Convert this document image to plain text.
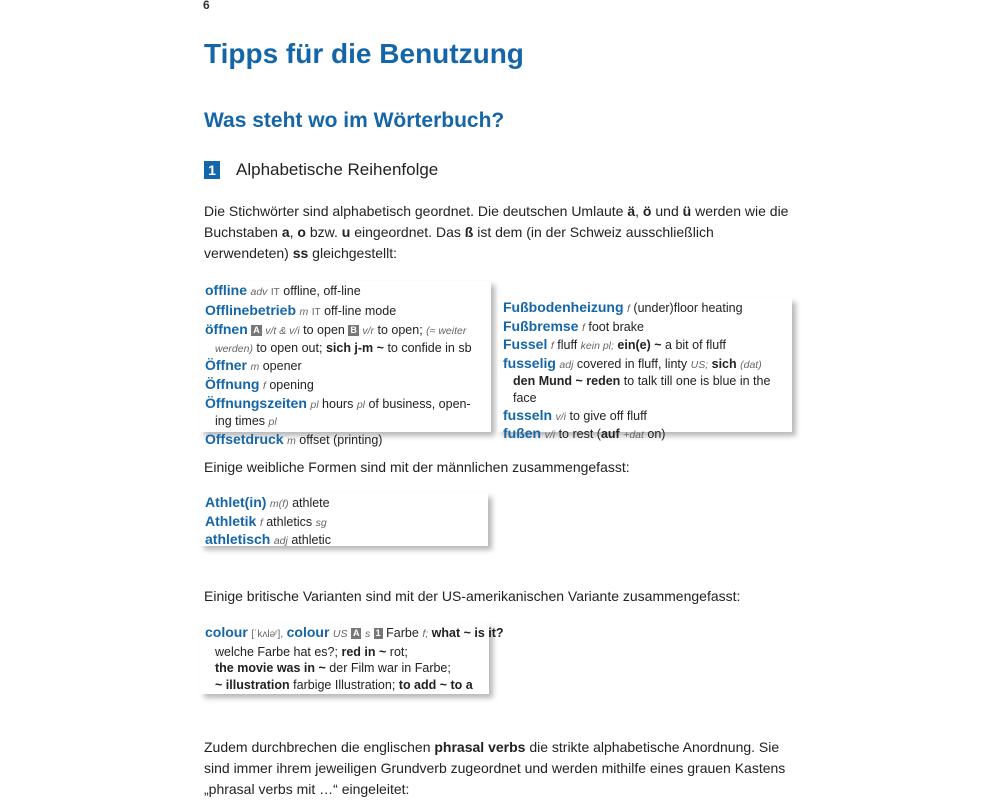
6
Tipps für die Benutzung
Was steht wo im Wörterbuch?
1 Alphabetische Reihenfolge
Die Stichwörter sind alphabetisch geordnet. Die deutschen Umlaute ä, ö und ü werden wie die Buchstaben a, o bzw. u eingeordnet. Das ß ist dem (in der Schweiz ausschließlich verwendeten) ss gleichgestellt:
offline adv IT offline, off-line
Offlinebetrieb m IT off-line mode
öffnen A v/t & v/i to open B v/r to open; (≈ weiter
werden) to open out; sich j-m ~ to confide in sb
Öffner m opener
Öffnung f opening
Öffnungszeiten pl hours pl of business, open-
ing times pl
Offsetdruck m offset (printing)
Fußbodenheizung f (under)floor heating
Fußbremse f foot brake
Fussel f fluff kein pl; ein(e) ~ a bit of fluff
fusselig adj covered in fluff, linty US; sich (dat)
den Mund ~ reden to talk till one is blue in the face
fusseln v/i to give off fluff
fußen v/i to rest (auf +dat on)
Einige weibliche Formen sind mit der männlichen zusammengefasst:
Athlet(in) m(f) athlete
Athletik f athletics sg
athletisch adj athletic
Einige britische Varianten sind mit der US-amerikanischen Variante zusammengefasst:
colour [ˈkʌləʳ], colour US A s 1 Farbe f; what ~ is it?
welche Farbe hat es?; red in ~ rot;
the movie was in ~ der Film war in Farbe;
~ illustration farbige Illustration; to add ~ to a
Zudem durchbrechen die englischen phrasal verbs die strikte alphabetische Anordnung. Sie sind immer ihrem jeweiligen Grundverb zugeordnet und werden mithilfe eines grauen Kastens „phrasal verbs mit …“ eingeleitet:
